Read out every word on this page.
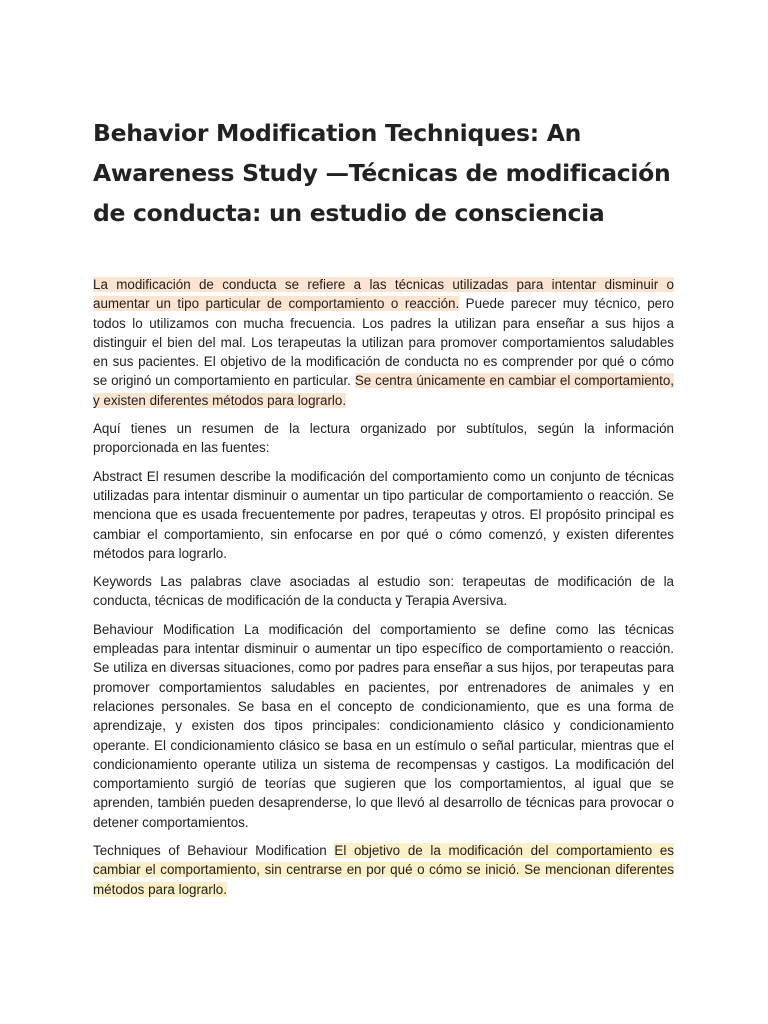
Behavior Modification Techniques: An Awareness Study —Técnicas de modificación de conducta: un estudio de consciencia

La modificación de conducta se refiere a las técnicas utilizadas para intentar disminuir o aumentar un tipo particular de comportamiento o reacción. Puede parecer muy técnico, pero todos lo utilizamos con mucha frecuencia. Los padres la utilizan para enseñar a sus hijos a distinguir el bien del mal. Los terapeutas la utilizan para promover comportamientos saludables en sus pacientes. El objetivo de la modificación de conducta no es comprender por qué o cómo se originó un comportamiento en particular. Se centra únicamente en cambiar el comportamiento, y existen diferentes métodos para lograrlo.

Aquí tienes un resumen de la lectura organizado por subtítulos, según la información proporcionada en las fuentes:

Abstract El resumen describe la modificación del comportamiento como un conjunto de técnicas utilizadas para intentar disminuir o aumentar un tipo particular de comportamiento o reacción. Se menciona que es usada frecuentemente por padres, terapeutas y otros. El propósito principal es cambiar el comportamiento, sin enfocarse en por qué o cómo comenzó, y existen diferentes métodos para lograrlo.

Keywords Las palabras clave asociadas al estudio son: terapeutas de modificación de la conducta, técnicas de modificación de la conducta y Terapia Aversiva.

Behaviour Modification La modificación del comportamiento se define como las técnicas empleadas para intentar disminuir o aumentar un tipo específico de comportamiento o reacción. Se utiliza en diversas situaciones, como por padres para enseñar a sus hijos, por terapeutas para promover comportamientos saludables en pacientes, por entrenadores de animales y en relaciones personales. Se basa en el concepto de condicionamiento, que es una forma de aprendizaje, y existen dos tipos principales: condicionamiento clásico y condicionamiento operante. El condicionamiento clásico se basa en un estímulo o señal particular, mientras que el condicionamiento operante utiliza un sistema de recompensas y castigos. La modificación del comportamiento surgió de teorías que sugieren que los comportamientos, al igual que se aprenden, también pueden desaprenderse, lo que llevó al desarrollo de técnicas para provocar o detener comportamientos.

Techniques of Behaviour Modification El objetivo de la modificación del comportamiento es cambiar el comportamiento, sin centrarse en por qué o cómo se inició. Se mencionan diferentes métodos para lograrlo.
